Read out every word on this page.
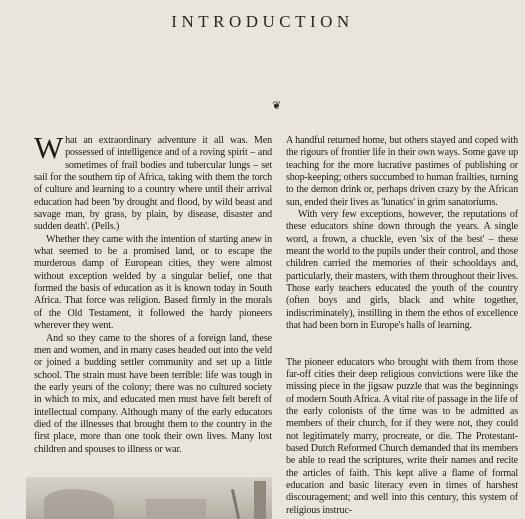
INTRODUCTION
❦

What an extraordinary adventure it all was. Men possessed of intelligence and of a roving spirit – and sometimes of frail bodies and tubercular lungs – set sail for the southern tip of Africa, taking with them the torch of culture and learning to a country where until their arrival education had been 'by drought and flood, by wild beast and savage man, by grass, by plain, by disease, disaster and sudden death'. (Pells.)

Whether they came with the intention of starting anew in what seemed to be a promised land, or to escape the murderous damp of European cities, they were almost without exception welded by a singular belief, one that formed the basis of education as it is known today in South Africa. That force was religion. Based firmly in the morals of the Old Testament, it followed the hardy pioneers wherever they went.

And so they came to the shores of a foreign land, these men and women, and in many cases headed out into the veld or joined a budding settler community and set up a little school. The strain must have been terrible: life was tough in the early years of the colony; there was no cultured society in which to mix, and educated men must have felt bereft of intellectual company. Although many of the early educators died of the illnesses that brought them to the country in the first place, more than one took their own lives. Many lost children and spouses to illness or war.

A handful returned home, but others stayed and coped with the rigours of frontier life in their own ways. Some gave up teaching for the more lucrative pastimes of publishing or shop-keeping; others succumbed to human frailties, turning to the demon drink or, perhaps driven crazy by the African sun, ended their lives as 'lunatics' in grim sanatoriums.

With very few exceptions, however, the reputations of these educators shine down through the years. A single word, a frown, a chuckle, even 'six of the best' – these meant the world to the pupils under their control, and those children carried the memories of their schooldays and, particularly, their masters, with them throughout their lives. Those early teachers educated the youth of the country (often boys and girls, black and white together, indiscriminately), instilling in them the ethos of excellence that had been born in Europe's halls of learning.

The pioneer educators who brought with them from those far-off cities their deep religious convictions were like the missing piece in the jigsaw puzzle that was the beginnings of modern South Africa. A vital rite of passage in the life of the early colonists of the time was to be admitted as members of their church, for if they were not, they could not legitimately marry, procreate, or die. The Protestant-based Dutch Reformed Church demanded that its members be able to read the scriptures, write their names and recite the articles of faith. This kept alive a flame of formal education and basic literacy even in times of harshest discouragement; and well into this century, this system of religious instruc-
